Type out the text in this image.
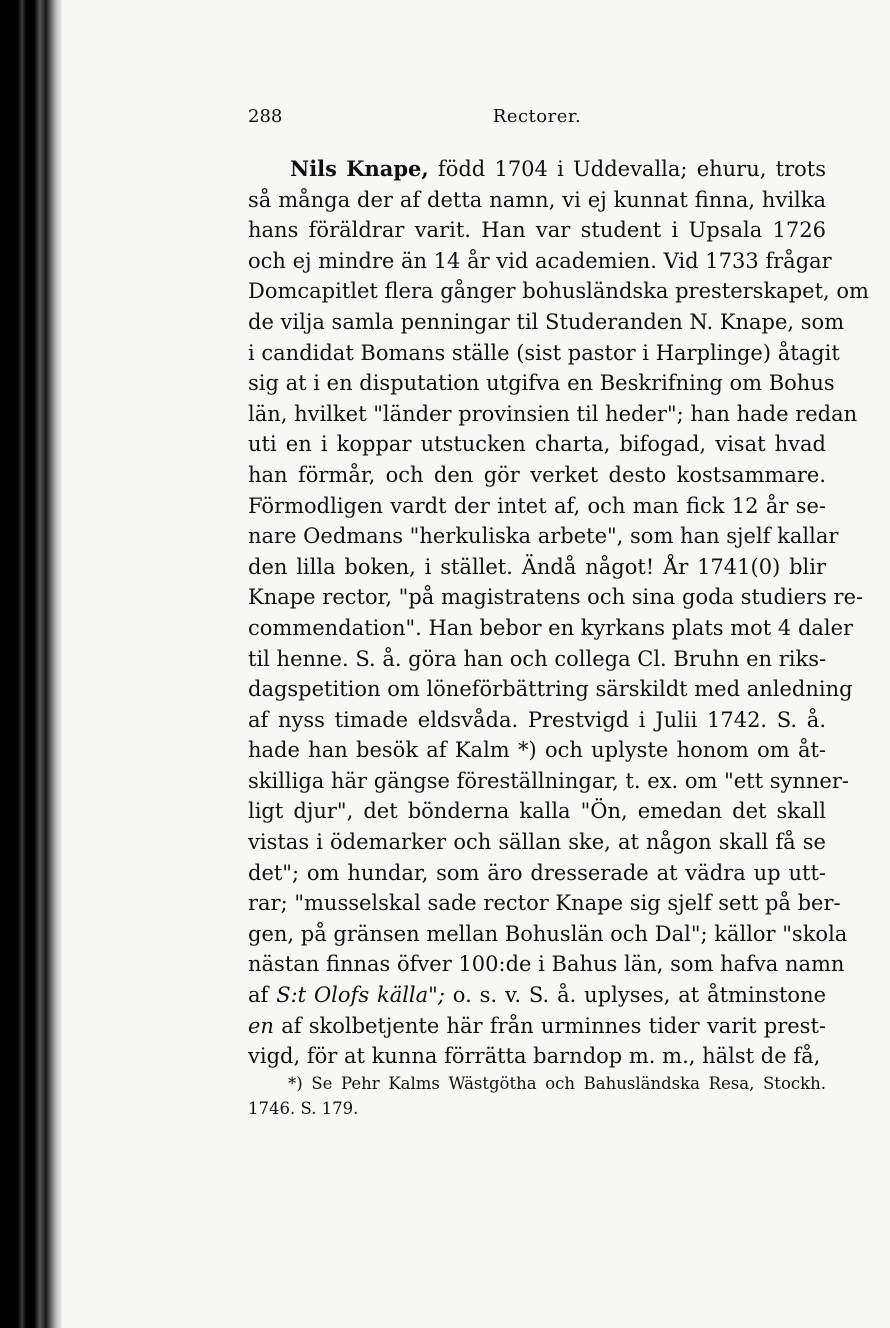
288	Rectorer.
Nils Knape, född 1704 i Uddevalla; ehuru, trots
så många der af detta namn, vi ej kunnat finna, hvilka
hans föräldrar varit. Han var student i Upsala 1726
och ej mindre än 14 år vid academien. Vid 1733 frågar
Domcapitlet flera gånger bohusländska presterskapet, om
de vilja samla penningar til Studeranden N. Knape, som
i candidat Bomans ställe (sist pastor i Harplinge) åtagit
sig at i en disputation utgifva en Beskrifning om Bohus
län, hvilket "länder provinsien til heder"; han hade redan
uti en i koppar utstucken charta, bifogad, visat hvad
han förmår, och den gör verket desto kostsammare.
Förmodligen vardt der intet af, och man fick 12 år se-
nare Oedmans "herkuliska arbete", som han sjelf kallar
den lilla boken, i stället. Ändå något! År 1741(0) blir
Knape rector, "på magistratens och sina goda studiers re-
commendation". Han bebor en kyrkans plats mot 4 daler
til henne. S. å. göra han och collega Cl. Bruhn en riks-
dagspetition om löneförbättring särskildt med anledning
af nyss timade eldsvåda. Prestvigd i Julii 1742. S. å.
hade han besök af Kalm *) och uplyste honom om åt-
skilliga här gängse föreställningar, t. ex. om "ett synner-
ligt djur", det bönderna kalla "Ön, emedan det skall
vistas i ödemarker och sällan ske, at någon skall få se
det"; om hundar, som äro dresserade at vädra up utt-
rar; "musselskal sade rector Knape sig sjelf sett på ber-
gen, på gränsen mellan Bohuslän och Dal"; källor "skola
nästan finnas öfver 100:de i Bahus län, som hafva namn
af S:t Olofs källa"; o. s. v. S. å. uplyses, at åtminstone
en af skolbetjente här från urminnes tider varit prest-
vigd, för at kunna förrätta barndop m. m., hälst de få,
*) Se Pehr Kalms Wästgötha och Bahusländska Resa, Stockh.
1746. S. 179.
